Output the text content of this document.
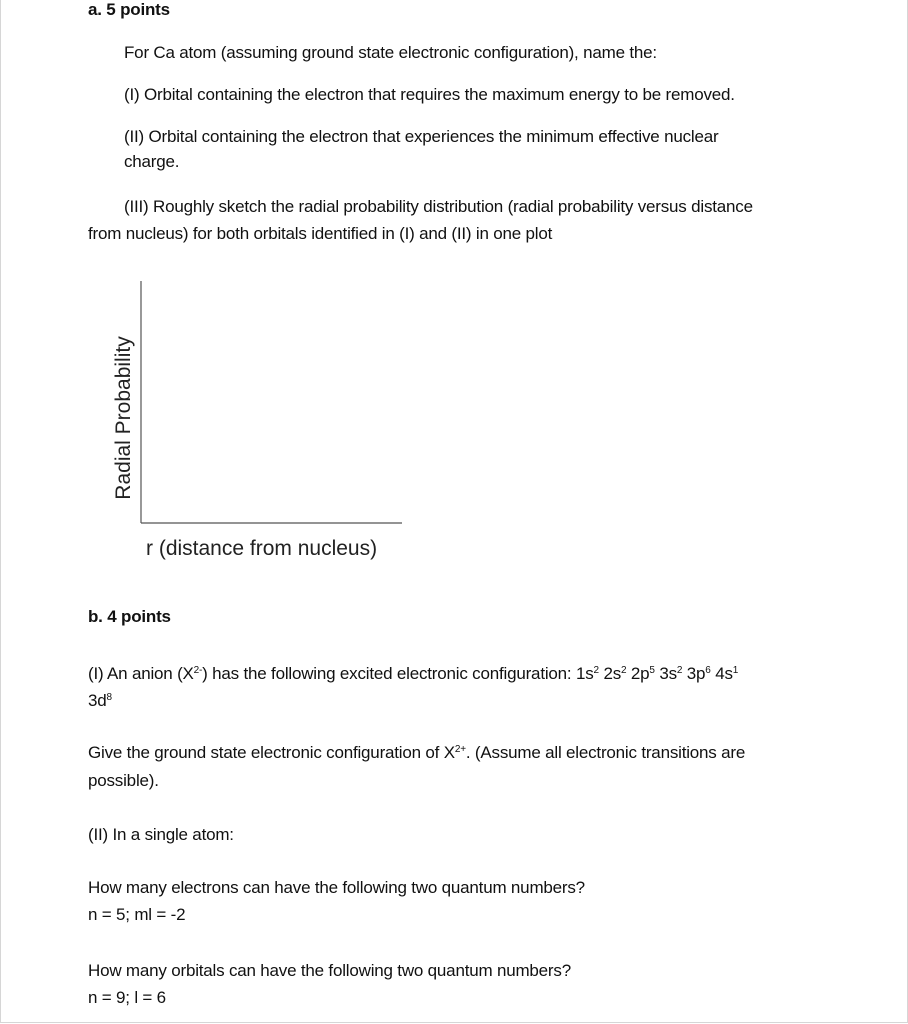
a. 5 points
For Ca atom (assuming ground state electronic configuration), name the:
(I) Orbital containing the electron that requires the maximum energy to be removed.
(II) Orbital containing the electron that experiences the minimum effective nuclear
charge.
(III) Roughly sketch the radial probability distribution (radial probability versus distance
from nucleus) for both orbitals identified in (I) and (II) in one plot
Radial Probability
r (distance from nucleus)
b. 4 points
(I) An anion $(X^{2-})$ has the following excited electronic configuration: $1s^2$ $2s^2$ $2p^5$ $3s^2$ $3p^6$ $4s^1$
$3d^8$
Give the ground state electronic configuration of $X^{2+}$. (Assume all electronic transitions are
possible).
(II) In a single atom:
How many electrons can have the following two quantum numbers?
n = 5; ml = -2
How many orbitals can have the following two quantum numbers?
n = 9; l = 6
